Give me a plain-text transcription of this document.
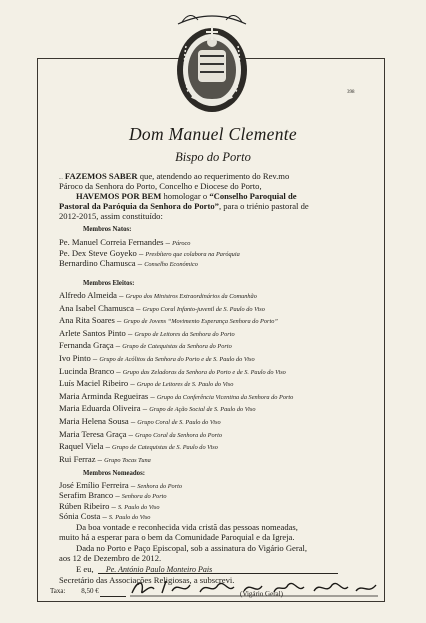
398
Dom Manuel Clemente
Bispo do Porto
... FAZEMOS SABER que, atendendo ao requerimento do Rev.mo
Pároco da Senhora do Porto, Concelho e Diocese do Porto,
HAVEMOS POR BEM homologar o “Conselho Paroquial de
Pastoral da Paróquia da Senhora do Porto”, para o triénio pastoral de
2012-2015, assim constituído:
Membros Natos:
Pe. Manuel Correia Fernandes – Pároco
Pe. Dex Steve Goyeko – Presbítero que colabora na Paróquia
Bernardino Chamusca – Conselho Económico
Membros Eleitos:
Alfredo Almeida – Grupo dos Ministros Extraordinários da Comunhão
Ana Isabel Chamusca – Grupo Coral Infanto-juvenil de S. Paulo do Viso
Ana Rita Soares – Grupo de Jovens “Movimento Esperança Senhora do Porto”
Arlete Santos Pinto – Grupo de Leitores da Senhora do Porto
Fernanda Graça – Grupo de Catequistas da Senhora do Porto
Ivo Pinto – Grupo de Acólitos da Senhora do Porto e de S. Paulo do Viso
Lucinda Branco – Grupo das Zeladoras da Senhora do Porto e de S. Paulo do Viso
Luís Maciel Ribeiro – Grupo de Leitores de S. Paulo do Viso
Maria Arminda Regueiras – Grupo da Conferência Vicentina da Senhora do Porto
Maria Eduarda Oliveira – Grupo de Ação Social de S. Paulo do Viso
Maria Helena Sousa – Grupo Coral de S. Paulo do Viso
Maria Teresa Graça – Grupo Coral da Senhora do Porto
Raquel Viela – Grupo de Catequistas de S. Paulo do Viso
Rui Ferraz – Grupo Tocas Tuna
Membros Nomeados:
José Emílio Ferreira – Senhora do Porto
Serafim Branco – Senhora do Porto
Rúben Ribeiro – S. Paulo do Viso
Sónia Costa – S. Paulo do Viso
Da boa vontade e reconhecida vida cristã das pessoas nomeadas,
muito há a esperar para o bem da Comunidade Paroquial e da Igreja.
Dada no Porto e Paço Episcopal, sob a assinatura do Vigário Geral,
aos 12 de Dezembro de 2012.
E eu, Pe. António Paulo Monteiro Pais
Secretário das Associações Religiosas, a subscrevi.
Taxa: 8,50 €	(Vigário Geral)
